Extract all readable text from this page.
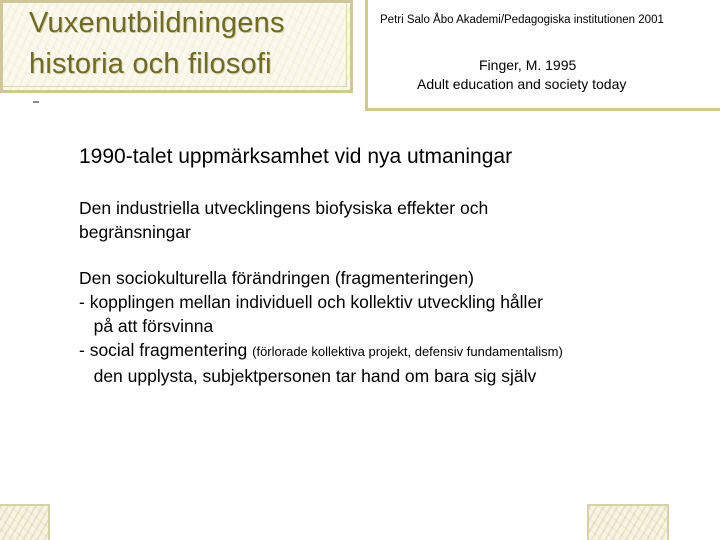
Vuxenutbildningens
historia och filosofi
Petri Salo Åbo Akademi/Pedagogiska institutionen 2001
Finger, M. 1995
Adult education and society today
1990-talet uppmärksamhet vid nya utmaningar
Den industriella utvecklingens biofysiska effekter och
begränsningar
Den sociokulturella förändringen (fragmenteringen)
- kopplingen mellan individuell och kollektiv utveckling håller
på att försvinna
- social fragmentering (förlorade kollektiva projekt, defensiv fundamentalism)
den upplysta, subjektpersonen tar hand om bara sig själv
